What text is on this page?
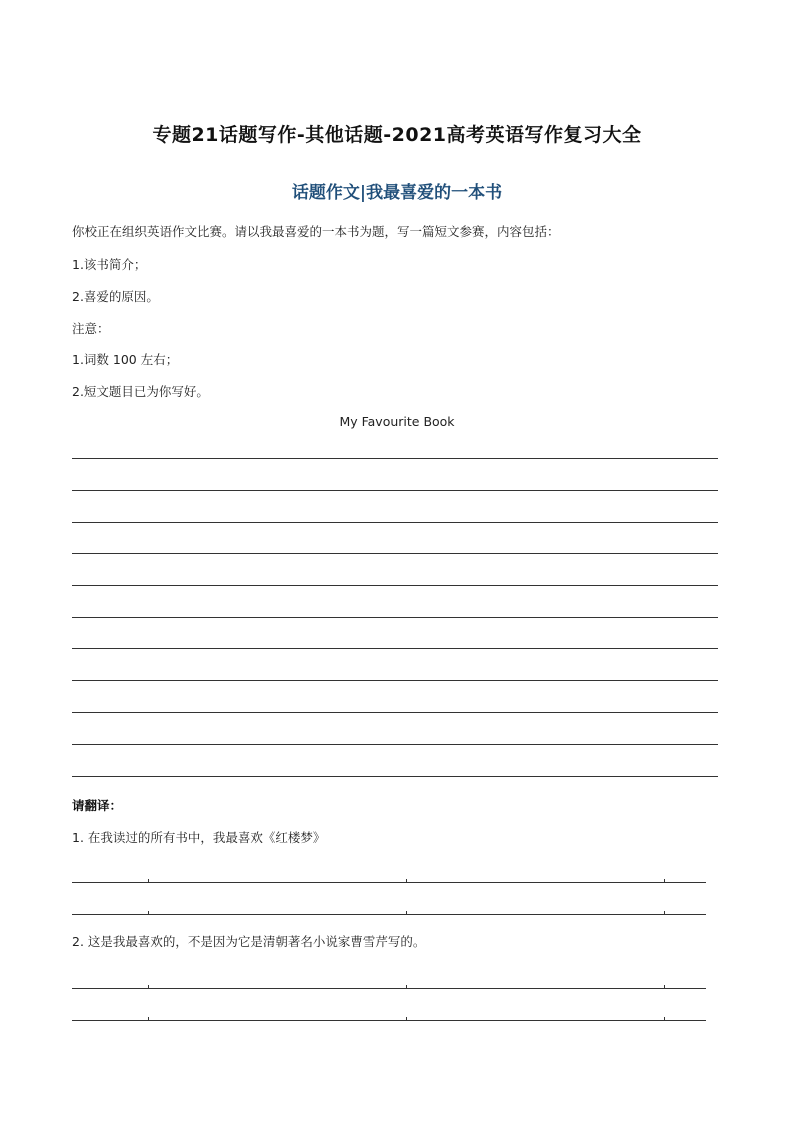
专题21话题写作-其他话题-2021高考英语写作复习大全
话题作文|我最喜爱的一本书
你校正在组织英语作文比赛。请以我最喜爱的一本书为题，写一篇短文参赛，内容包括：
1.该书简介；
2.喜爱的原因。
注意：
1.词数 100 左右；
2.短文题目已为你写好。
My Favourite Book
请翻译：
1. 在我读过的所有书中，我最喜欢《红楼梦》
2. 这是我最喜欢的，不是因为它是清朝著名小说家曹雪芹写的。
